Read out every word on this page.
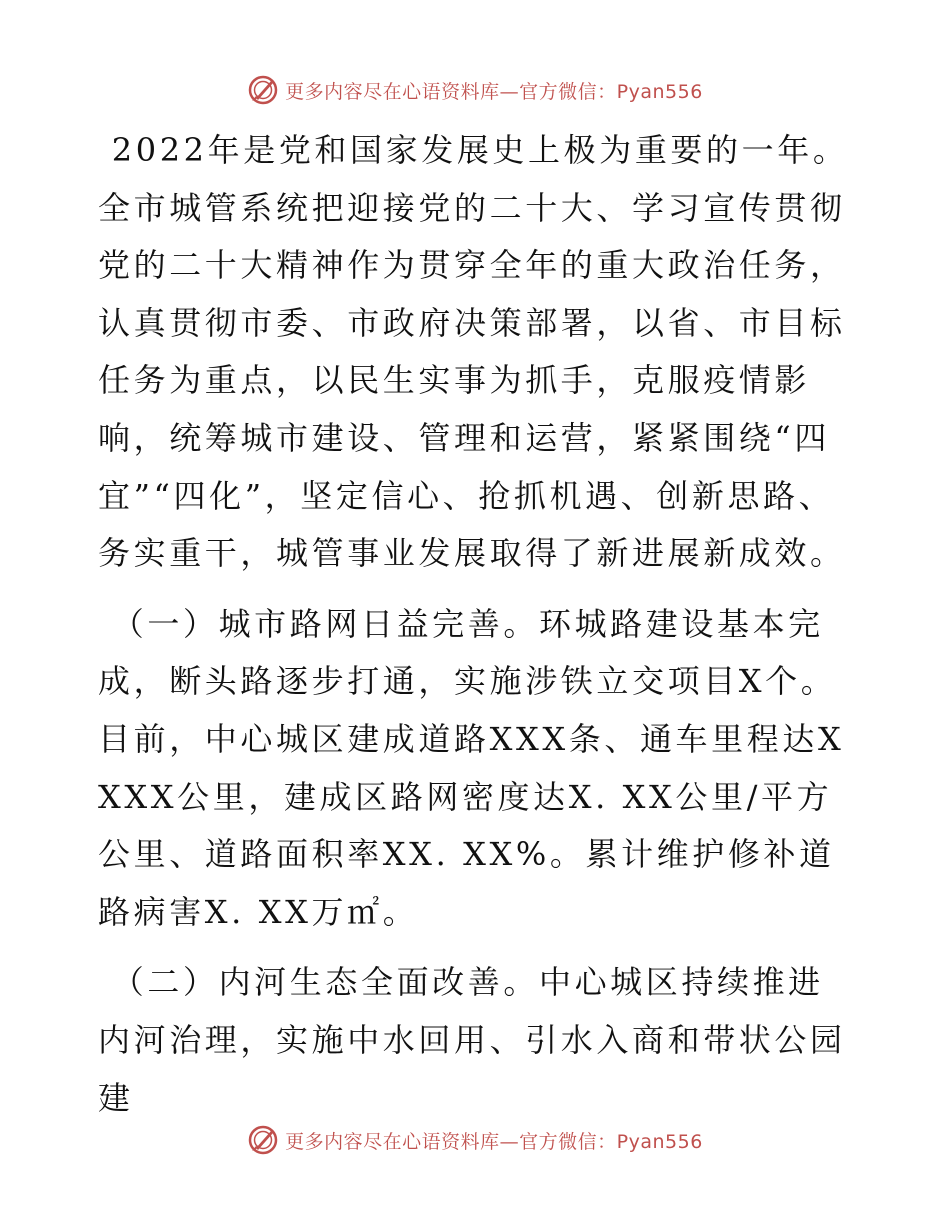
更多内容尽在心语资料库—官方微信：Pyan556

2022年是党和国家发展史上极为重要的一年。全市城管系统把迎接党的二十大、学习宣传贯彻党的二十大精神作为贯穿全年的重大政治任务，认真贯彻市委、市政府决策部署，以省、市目标任务为重点，以民生实事为抓手，克服疫情影响，统筹城市建设、管理和运营，紧紧围绕“四宜”“四化”，坚定信心、抢抓机遇、创新思路、务实重干，城管事业发展取得了新进展新成效。

（一）城市路网日益完善。环城路建设基本完
成，断头路逐步打通，实施涉铁立交项目X个。目前，中心城区建成道路XXX条、通车里程达XXXX公里，建成区路网密度达X. XX公里/平方公里、道路面积率XX. XX%。累计维护修补道路病害X. XX万㎡。

（二）内河生态全面改善。中心城区持续推进内河治理，实施中水回用、引水入商和带状公园建

更多内容尽在心语资料库—官方微信：Pyan556
